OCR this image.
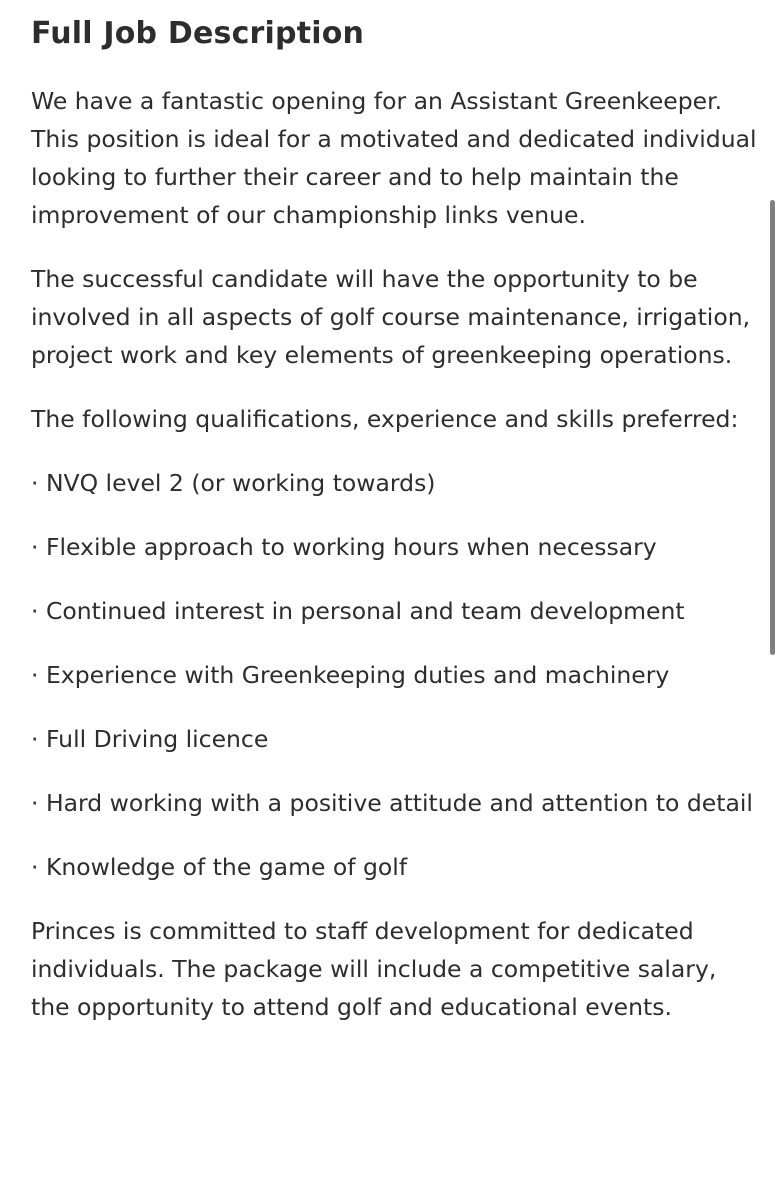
Full Job Description

We have a fantastic opening for an Assistant Greenkeeper. This position is ideal for a motivated and dedicated individual looking to further their career and to help maintain the improvement of our championship links venue.

The successful candidate will have the opportunity to be involved in all aspects of golf course maintenance, irrigation, project work and key elements of greenkeeping operations.

The following qualifications, experience and skills preferred:

· NVQ level 2 (or working towards)

· Flexible approach to working hours when necessary

· Continued interest in personal and team development

· Experience with Greenkeeping duties and machinery

· Full Driving licence

· Hard working with a positive attitude and attention to detail

· Knowledge of the game of golf

Princes is committed to staff development for dedicated individuals. The package will include a competitive salary, the opportunity to attend golf and educational events.
